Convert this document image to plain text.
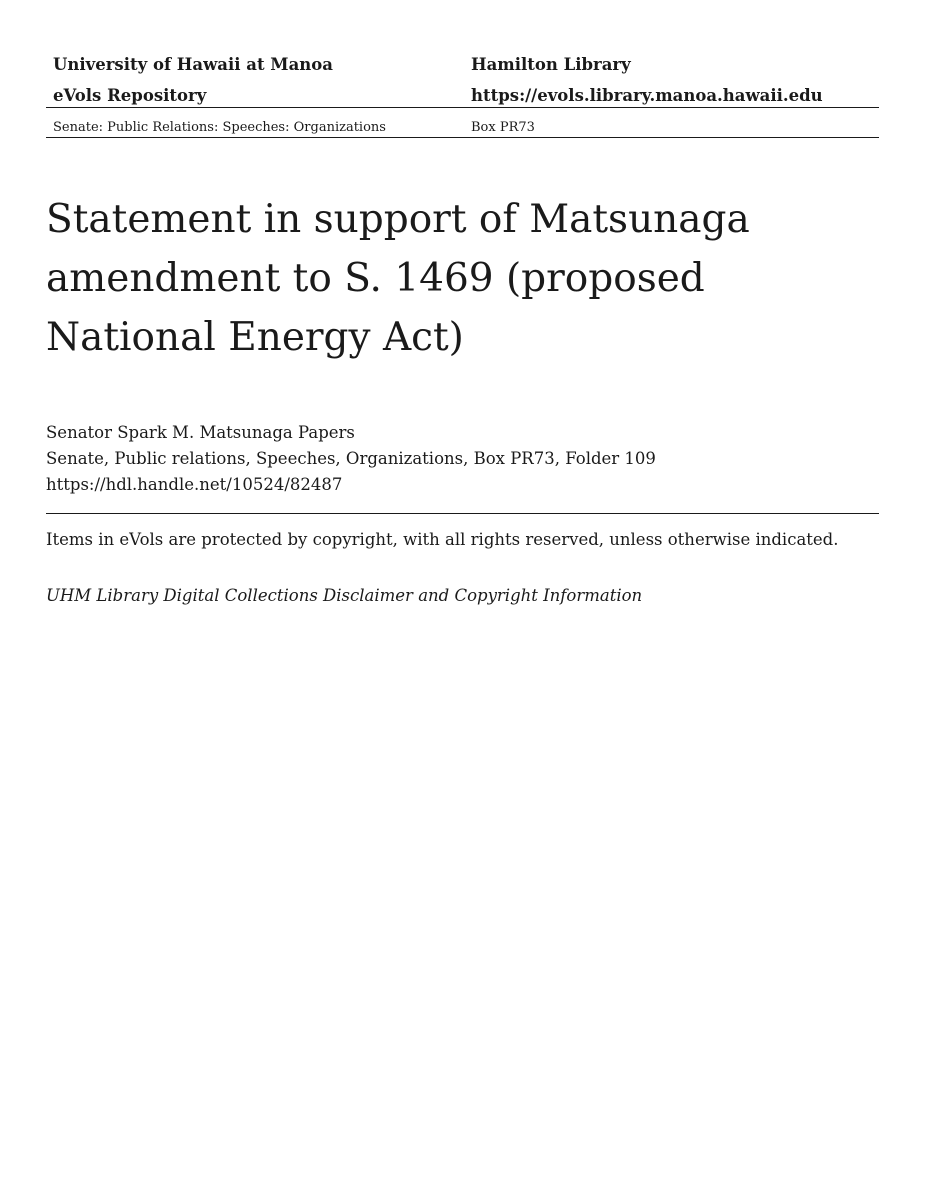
University of Hawaii at Manoa	Hamilton Library
eVols Repository	https://evols.library.manoa.hawaii.edu
Senate: Public Relations: Speeches: Organizations	Box PR73
Statement in support of Matsunaga amendment to S. 1469 (proposed National Energy Act)
Senator Spark M. Matsunaga Papers
Senate, Public relations, Speeches, Organizations, Box PR73, Folder 109
https://hdl.handle.net/10524/82487
Items in eVols are protected by copyright, with all rights reserved, unless otherwise indicated.
UHM Library Digital Collections Disclaimer and Copyright Information
